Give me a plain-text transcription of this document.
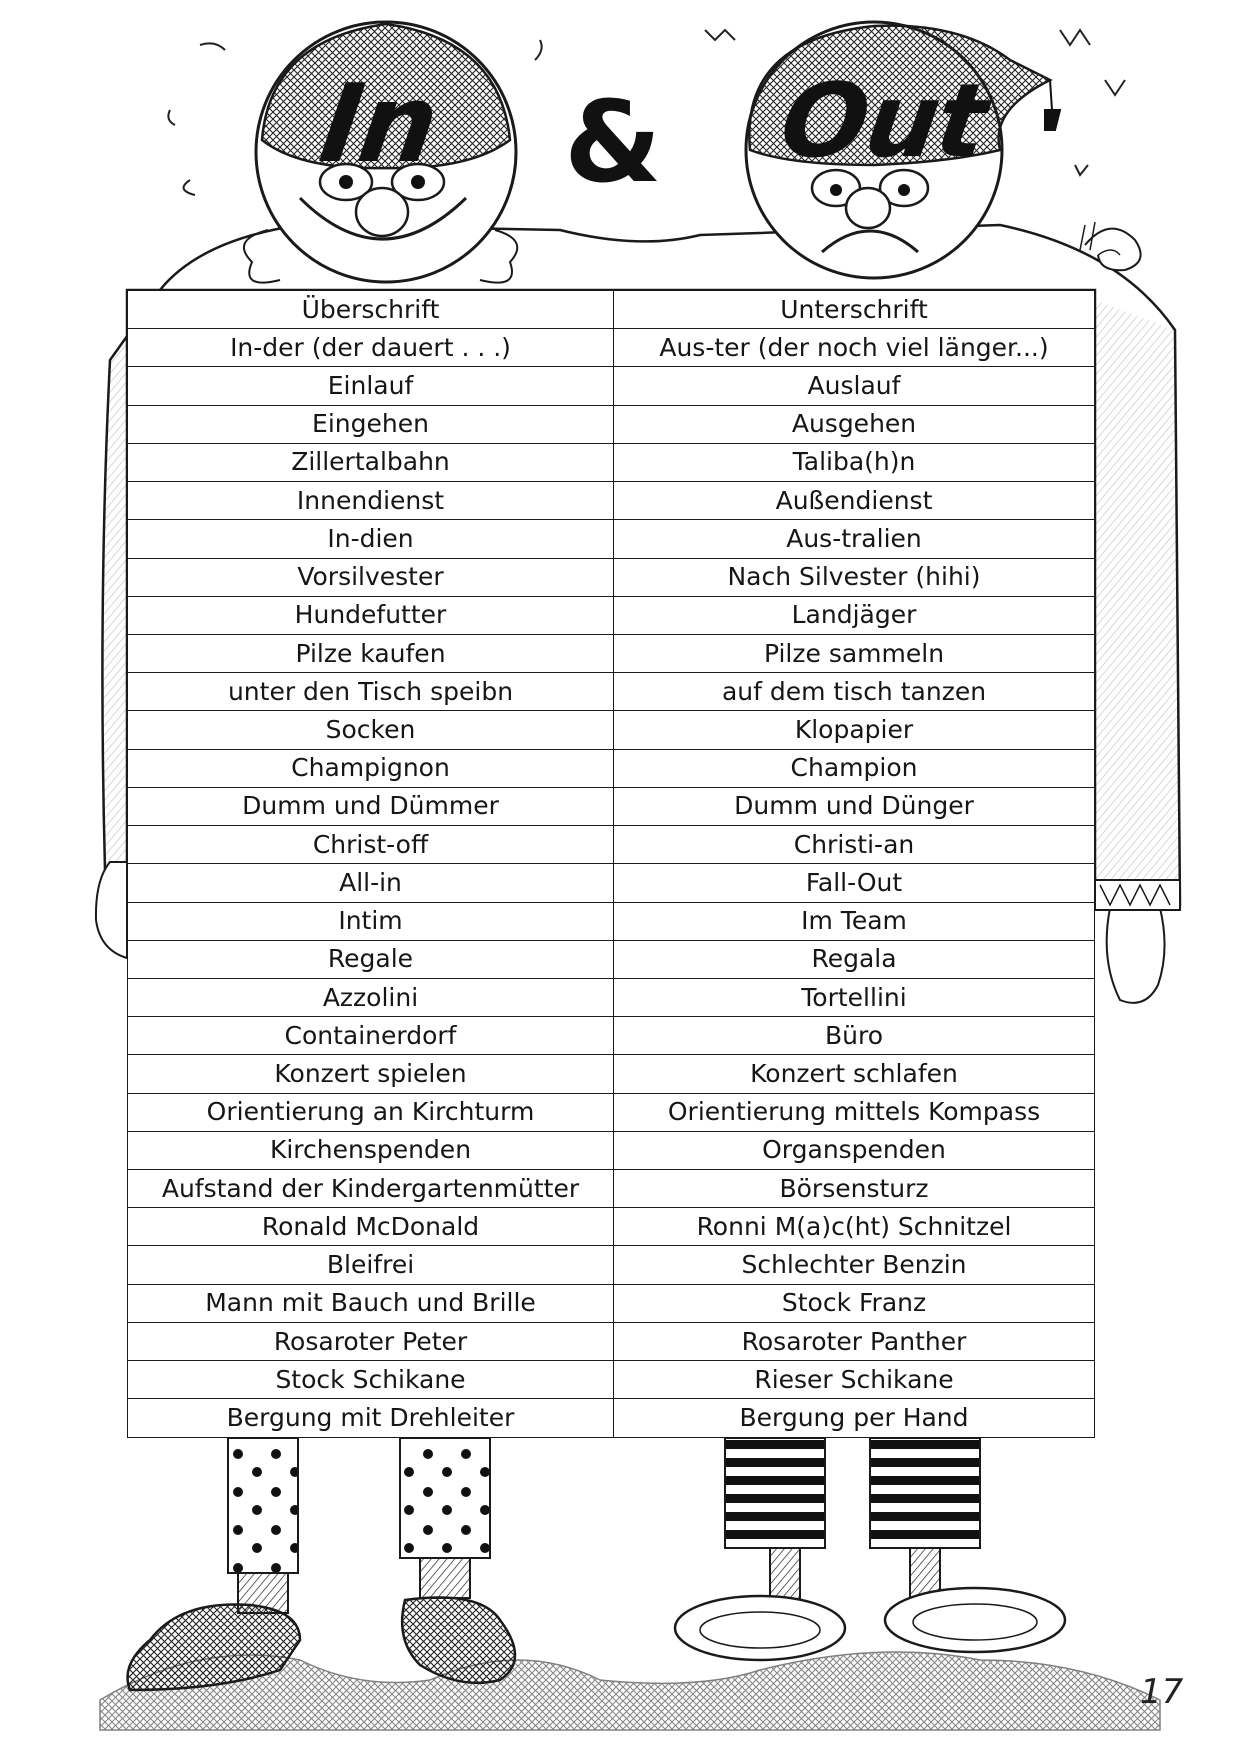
In & Out
Überschrift	Unterschrift
In-der (der dauert . . .)	Aus-ter (der noch viel länger...)
Einlauf	Auslauf
Eingehen	Ausgehen
Zillertalbahn	Taliba(h)n
Innendienst	Außendienst
In-dien	Aus-tralien
Vorsilvester	Nach Silvester (hihi)
Hundefutter	Landjäger
Pilze kaufen	Pilze sammeln
unter den Tisch speibn	auf dem tisch tanzen
Socken	Klopapier
Champignon	Champion
Dumm und Dümmer	Dumm und Dünger
Christ-off	Christi-an
All-in	Fall-Out
Intim	Im Team
Regale	Regala
Azzolini	Tortellini
Containerdorf	Büro
Konzert spielen	Konzert schlafen
Orientierung an Kirchturm	Orientierung mittels Kompass
Kirchenspenden	Organspenden
Aufstand der Kindergartenmütter	Börsensturz
Ronald McDonald	Ronni M(a)c(ht) Schnitzel
Bleifrei	Schlechter Benzin
Mann mit Bauch und Brille	Stock Franz
Rosaroter Peter	Rosaroter Panther
Stock Schikane	Rieser Schikane
Bergung mit Drehleiter	Bergung per Hand
17
